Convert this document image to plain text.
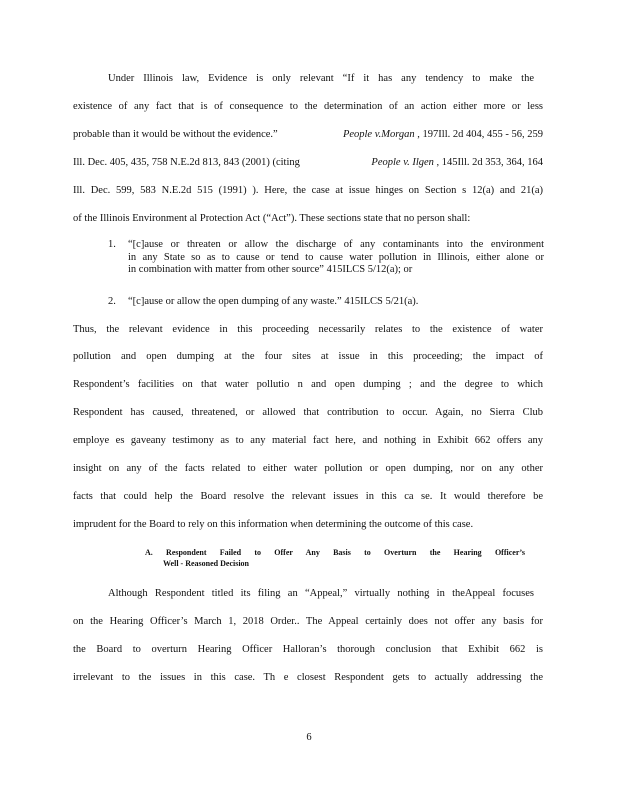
Under Illinois law, Evidence is only relevant “If it has any tendency to make the
existence of any fact that is of consequence to the determination of an action either more or less
probable than it would be without the evidence.”	People v.Morgan , 197Ill. 2d 404, 455 - 56, 259
Ill. Dec. 405, 435, 758 N.E.2d 813, 843 (2001) (citing	People v. Ilgen , 145Ill. 2d 353, 364, 164
Ill. Dec. 599, 583 N.E.2d 515 (1991) ). Here, the case at issue hinges on Section s 12(a) and 21(a)
of the Illinois Environment al Protection Act (“Act”). These sections state that no person shall:
1. “[c]ause or threaten or allow the discharge of any contaminants into the environment
in any State so as to cause or tend to cause water pollution in Illinois, either alone or
in combination with matter from other source” 415ILCS 5/12(a); or
2. “[c]ause or allow the open dumping of any waste.” 415ILCS 5/21(a).
Thus, the relevant evidence in this proceeding necessarily relates to the existence of water
pollution and open dumping at the four sites at issue in this proceeding; the impact of
Respondent’s facilities on that water pollutio n and open dumping ; and the degree to which
Respondent has caused, threatened, or allowed that contribution to occur. Again, no Sierra Club
employe es gaveany testimony as to any material fact here, and nothing in Exhibit 662 offers any
insight on any of the facts related to either water pollution or open dumping, nor on any other
facts that could help the Board resolve the relevant issues in this ca se. It would therefore be
imprudent for the Board to rely on this information when determining the outcome of this case.
A. Respondent Failed to Offer Any Basis to Overturn the Hearing Officer’s
Well - Reasoned Decision
Although Respondent titled its filing an “Appeal,” virtually nothing in theAppeal focuses
on the Hearing Officer’s March 1, 2018 Order.. The Appeal certainly does not offer any basis for
the Board to overturn Hearing Officer Halloran’s thorough conclusion that Exhibit 662 is
irrelevant to the issues in this case. Th e closest Respondent gets to actually addressing the
6
